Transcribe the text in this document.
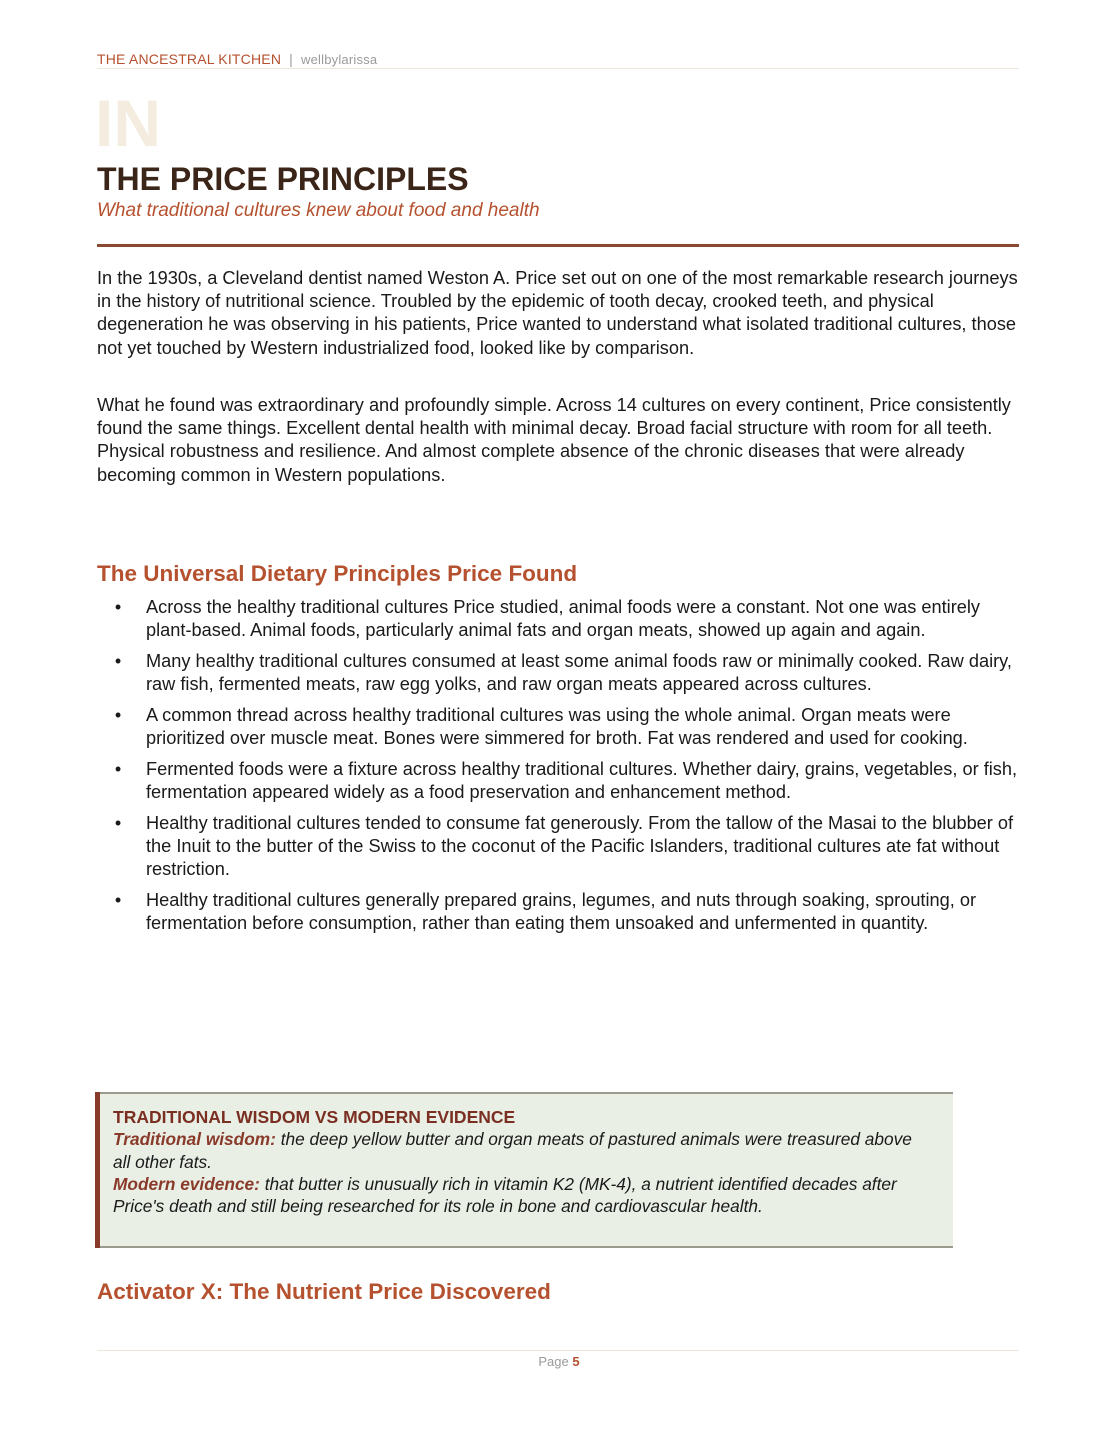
THE ANCESTRAL KITCHEN | wellbylarissa
IN
THE PRICE PRINCIPLES
What traditional cultures knew about food and health

In the 1930s, a Cleveland dentist named Weston A. Price set out on one of the most remarkable research journeys in the history of nutritional science. Troubled by the epidemic of tooth decay, crooked teeth, and physical degeneration he was observing in his patients, Price wanted to understand what isolated traditional cultures, those not yet touched by Western industrialized food, looked like by comparison.

What he found was extraordinary and profoundly simple. Across 14 cultures on every continent, Price consistently found the same things. Excellent dental health with minimal decay. Broad facial structure with room for all teeth. Physical robustness and resilience. And almost complete absence of the chronic diseases that were already becoming common in Western populations.

The Universal Dietary Principles Price Found
• Across the healthy traditional cultures Price studied, animal foods were a constant. Not one was entirely plant-based. Animal foods, particularly animal fats and organ meats, showed up again and again.
• Many healthy traditional cultures consumed at least some animal foods raw or minimally cooked. Raw dairy, raw fish, fermented meats, raw egg yolks, and raw organ meats appeared across cultures.
• A common thread across healthy traditional cultures was using the whole animal. Organ meats were prioritized over muscle meat. Bones were simmered for broth. Fat was rendered and used for cooking.
• Fermented foods were a fixture across healthy traditional cultures. Whether dairy, grains, vegetables, or fish, fermentation appeared widely as a food preservation and enhancement method.
• Healthy traditional cultures tended to consume fat generously. From the tallow of the Masai to the blubber of the Inuit to the butter of the Swiss to the coconut of the Pacific Islanders, traditional cultures ate fat without restriction.
• Healthy traditional cultures generally prepared grains, legumes, and nuts through soaking, sprouting, or fermentation before consumption, rather than eating them unsoaked and unfermented in quantity.
TRADITIONAL WISDOM VS MODERN EVIDENCE
Traditional wisdom: the deep yellow butter and organ meats of pastured animals were treasured above all other fats.
Modern evidence: that butter is unusually rich in vitamin K2 (MK-4), a nutrient identified decades after Price's death and still being researched for its role in bone and cardiovascular health.
Activator X: The Nutrient Price Discovered
Page 5
